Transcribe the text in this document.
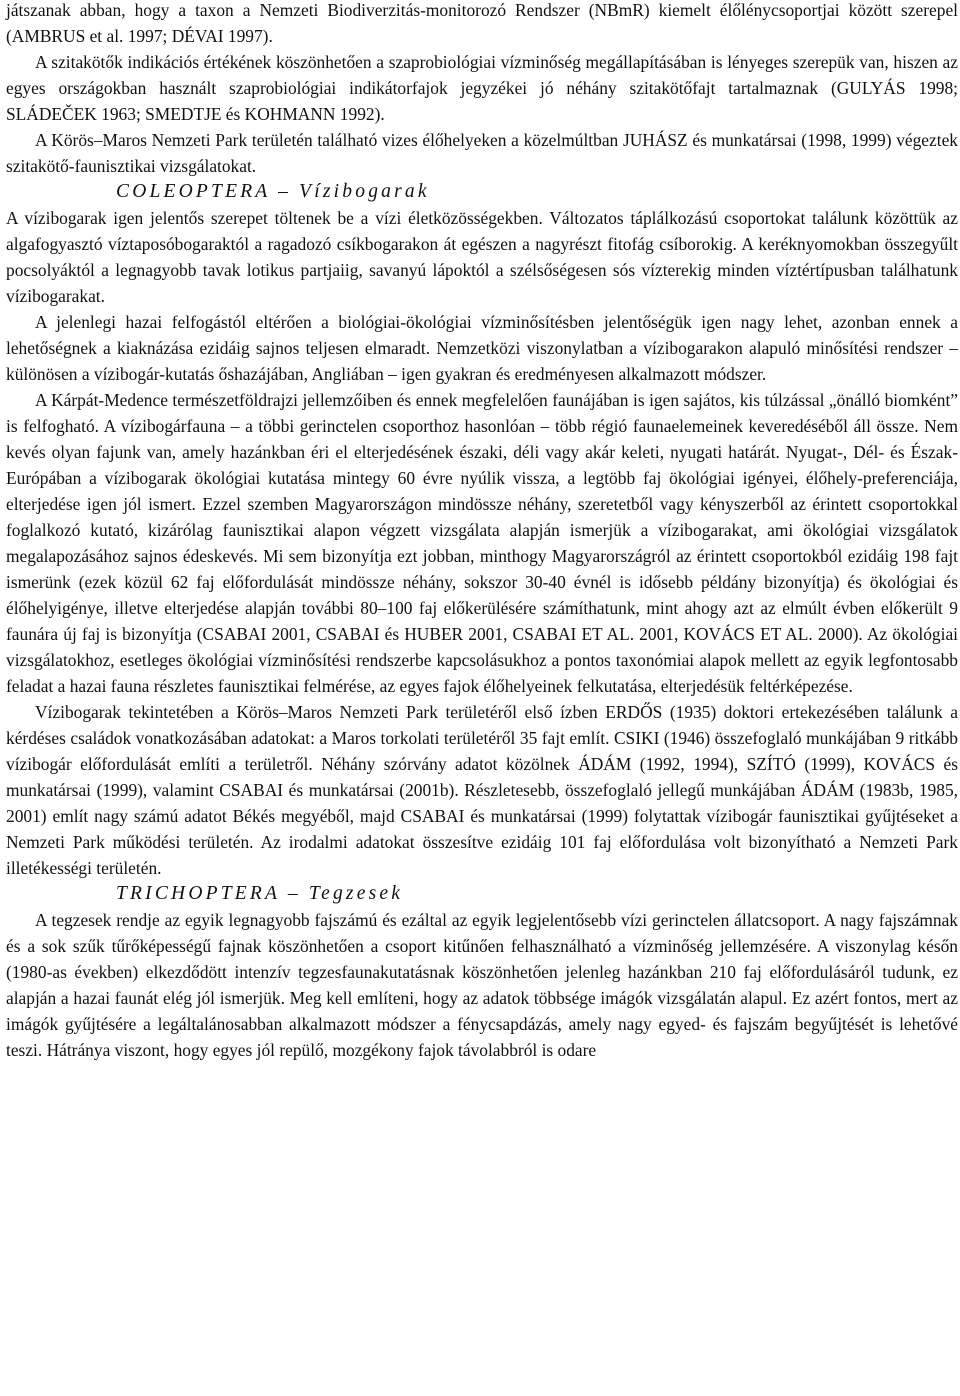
játszanak abban, hogy a taxon a Nemzeti Biodiverzitás-monitorozó Rendszer (NBmR) kiemelt élőlénycsoportjai között szerepel (AMBRUS et al. 1997; DÉVAI 1997).

A szitakötők indikációs értékének köszönhetően a szaprobiológiai vízminőség megállapításában is lényeges szerepük van, hiszen az egyes országokban használt szaprobiológiai indikátorfajok jegyzékei jó néhány szitakötőfajt tartalmaznak (GULYÁS 1998; SLÁDEČEK 1963; SMEDTJE és KOHMANN 1992).

A Körös–Maros Nemzeti Park területén található vizes élőhelyeken a közelmúltban JUHÁSZ és munkatársai (1998, 1999) végeztek szitakötő-faunisztikai vizsgálatokat.

COLEOPTERA – Vízibogarak

A vízibogarak igen jelentős szerepet töltenek be a vízi életközösségekben. Változatos táplálkozású csoportokat találunk közöttük az algafogyasztó víztaposóbogaraktól a ragadozó csíkbogarakon át egészen a nagyrészt fitofág csíborokig. A keréknyomokban összegyűlt pocsolyáktól a legnagyobb tavak lotikus partjaiig, savanyú lápoktól a szélsőségesen sós vízterekig minden víztértípusban találhatunk vízibogarakat.

A jelenlegi hazai felfogástól eltérően a biológiai-ökológiai vízminősítésben jelentőségük igen nagy lehet, azonban ennek a lehetőségnek a kiaknázása ezidáig sajnos teljesen elmaradt. Nemzetközi viszonylatban a vízibogarakon alapuló minősítési rendszer – különösen a vízibogár-kutatás őshazájában, Angliában – igen gyakran és eredményesen alkalmazott módszer.

A Kárpát-Medence természetföldrajzi jellemzőiben és ennek megfelelően faunájában is igen sajátos, kis túlzással „önálló biomként” is felfogható. A vízibogárfauna – a többi gerinctelen csoporthoz hasonlóan – több régió faunaelemeinek keveredéséből áll össze. Nem kevés olyan fajunk van, amely hazánkban éri el elterjedésének északi, déli vagy akár keleti, nyugati határát. Nyugat-, Dél- és Észak-Európában a vízibogarak ökológiai kutatása mintegy 60 évre nyúlik vissza, a legtöbb faj ökológiai igényei, élőhely-preferenciája, elterjedése igen jól ismert. Ezzel szemben Magyarországon mindössze néhány, szeretetből vagy kényszerből az érintett csoportokkal foglalkozó kutató, kizárólag faunisztikai alapon végzett vizsgálata alapján ismerjük a vízibogarakat, ami ökológiai vizsgálatok megalapozásához sajnos édeskevés. Mi sem bizonyítja ezt jobban, minthogy Magyarországról az érintett csoportokból ezidáig 198 fajt ismerünk (ezek közül 62 faj előfordulását mindössze néhány, sokszor 30-40 évnél is idősebb példány bizonyítja) és ökológiai és élőhelyigénye, illetve elterjedése alapján további 80–100 faj előkerülésére számíthatunk, mint ahogy azt az elmúlt évben előkerült 9 faunára új faj is bizonyítja (CSABAI 2001, CSABAI és HUBER 2001, CSABAI ET AL. 2001, KOVÁCS ET AL. 2000). Az ökológiai vizsgálatokhoz, esetleges ökológiai vízminősítési rendszerbe kapcsolásukhoz a pontos taxonómiai alapok mellett az egyik legfontosabb feladat a hazai fauna részletes faunisztikai felmérése, az egyes fajok élőhelyeinek felkutatása, elterjedésük feltérképezése.

Vízibogarak tekintetében a Körös–Maros Nemzeti Park területéről első ízben ERDŐS (1935) doktori ertekezésében találunk a kérdéses családok vonatkozásában adatokat: a Maros torkolati területéről 35 fajt említ. CSIKI (1946) összefoglaló munkájában 9 ritkább vízibogár előfordulását említi a területről. Néhány szórvány adatot közölnek ÁDÁM (1992, 1994), SZÍTÓ (1999), KOVÁCS és munkatársai (1999), valamint CSABAI és munkatársai (2001b). Részletesebb, összefoglaló jellegű munkájában ÁDÁM (1983b, 1985, 2001) említ nagy számú adatot Békés megyéből, majd CSABAI és munkatársai (1999) folytattak vízibogár faunisztikai gyűjtéseket a Nemzeti Park működési területén. Az irodalmi adatokat összesítve ezidáig 101 faj előfordulása volt bizonyítható a Nemzeti Park illetékességi területén.

TRICHOPTERA – Tegzesek

A tegzesek rendje az egyik legnagyobb fajszámú és ezáltal az egyik legjelentősebb vízi gerinctelen állatcsoport. A nagy fajszámnak és a sok szűk tűrőképességű fajnak köszönhetően a csoport kitűnően felhasználható a vízminőség jellemzésére. A viszonylag későn (1980-as években) elkezdődött intenzív tegzesfaunakutatásnak köszönhetően jelenleg hazánkban 210 faj előfordulásáról tudunk, ez alapján a hazai faunát elég jól ismerjük. Meg kell említeni, hogy az adatok többsége imágók vizsgálatán alapul. Ez azért fontos, mert az imágók gyűjtésére a legáltalánosabban alkalmazott módszer a fénycsapdázás, amely nagy egyed- és fajszám begyűjtését is lehetővé teszi. Hátránya viszont, hogy egyes jól repülő, mozgékony fajok távolabbról is odare
